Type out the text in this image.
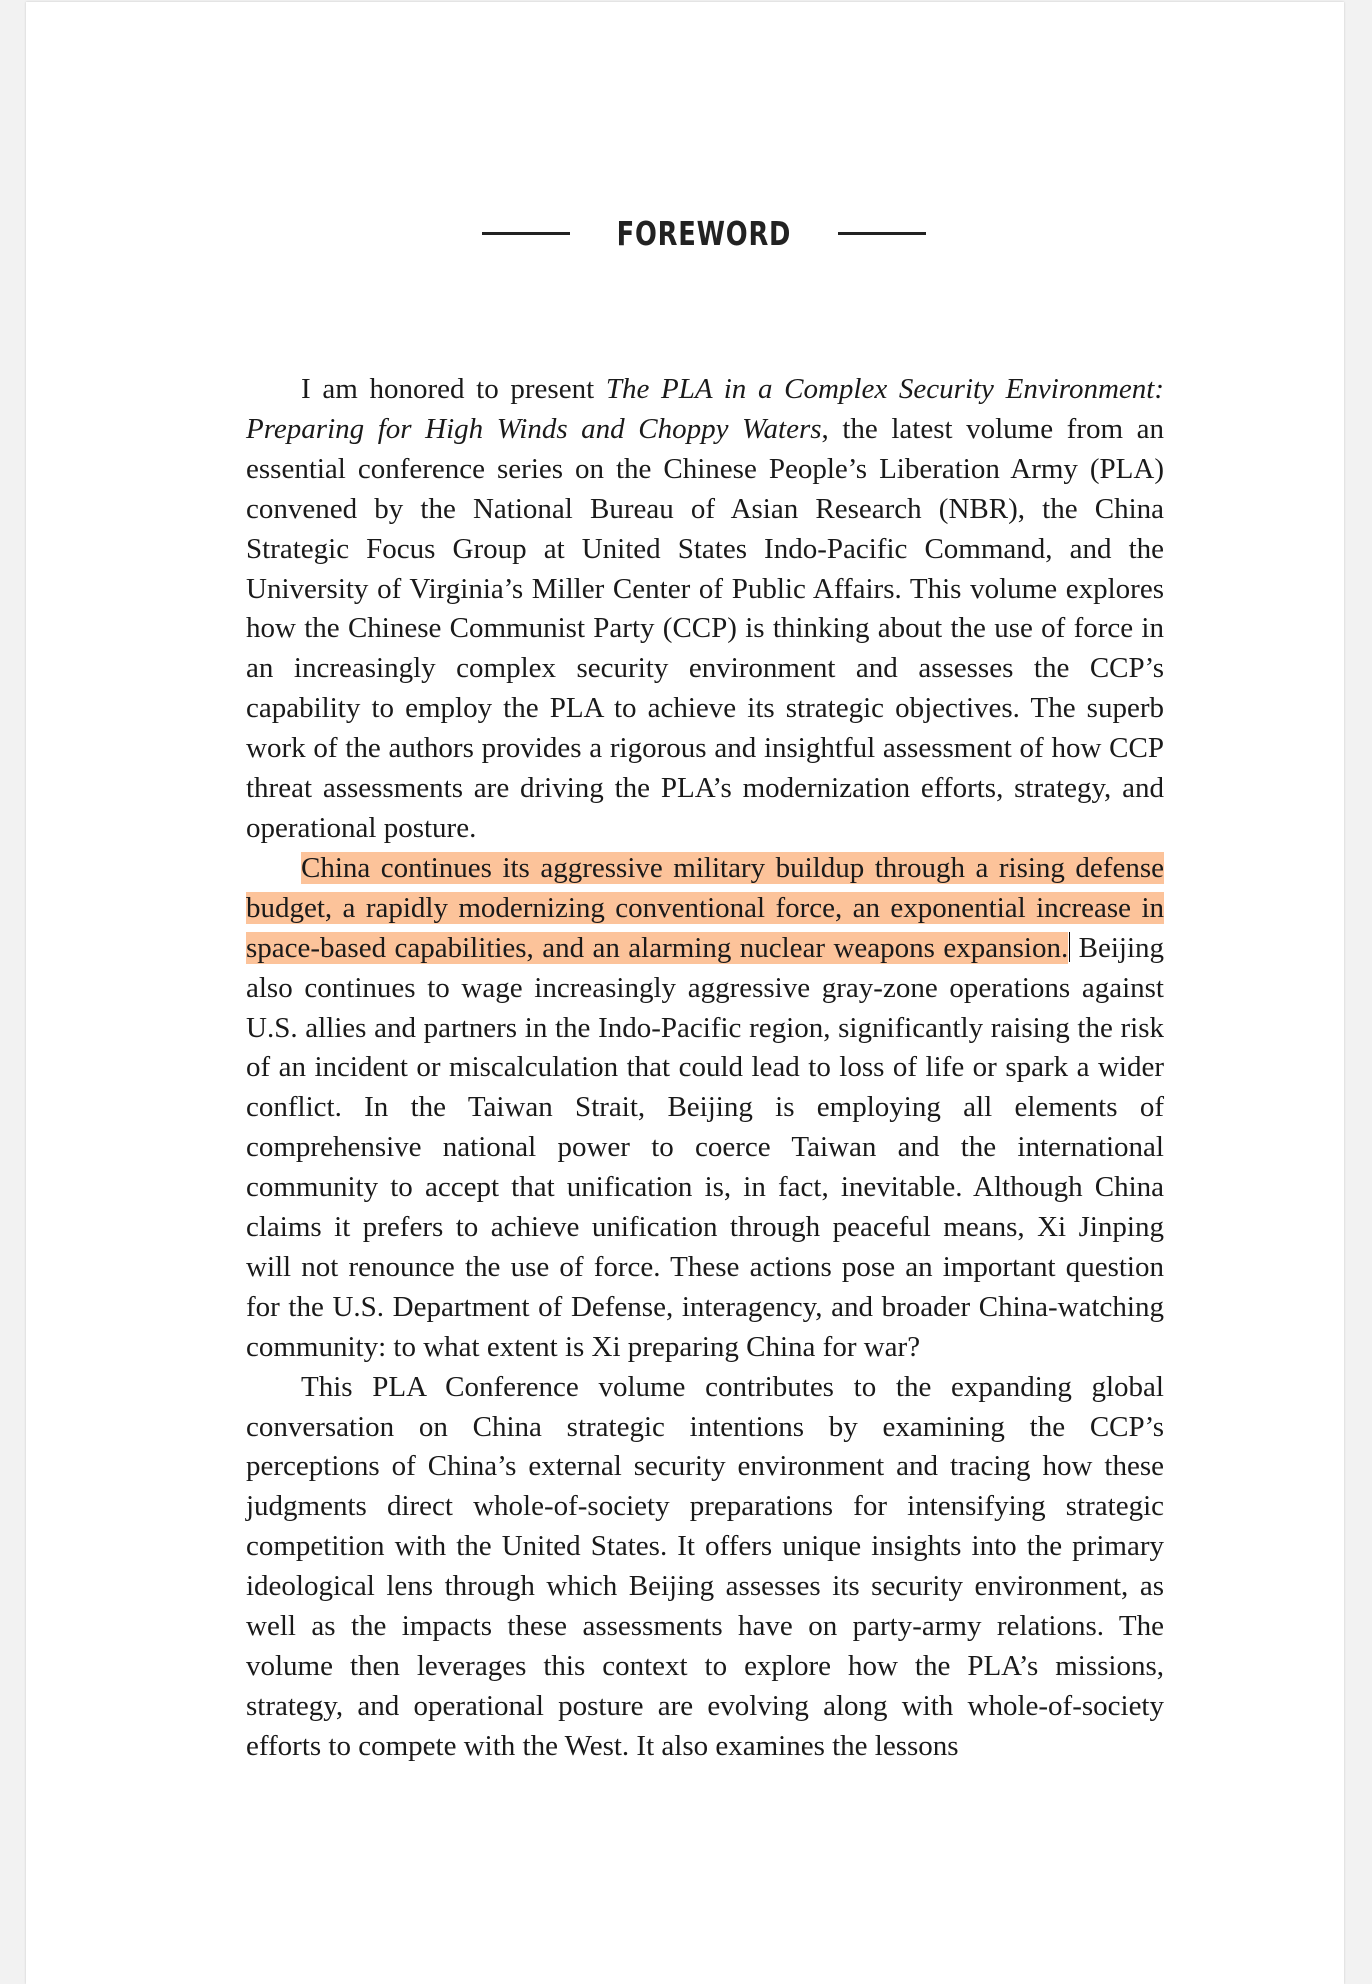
FOREWORD

I am honored to present The PLA in a Complex Security Environment: Preparing for High Winds and Choppy Waters, the latest volume from an essential conference series on the Chinese People’s Liberation Army (PLA) convened by the National Bureau of Asian Research (NBR), the China Strategic Focus Group at United States Indo-Pacific Command, and the University of Virginia’s Miller Center of Public Affairs. This volume explores how the Chinese Communist Party (CCP) is thinking about the use of force in an increasingly complex security environment and assesses the CCP’s capability to employ the PLA to achieve its strategic objectives. The superb work of the authors provides a rigorous and insightful assessment of how CCP threat assessments are driving the PLA’s modernization efforts, strategy, and operational posture.

China continues its aggressive military buildup through a rising defense budget, a rapidly modernizing conventional force, an exponential increase in space-based capabilities, and an alarming nuclear weapons expansion. Beijing also continues to wage increasingly aggressive gray-zone operations against U.S. allies and partners in the Indo-Pacific region, significantly raising the risk of an incident or miscalculation that could lead to loss of life or spark a wider conflict. In the Taiwan Strait, Beijing is employing all elements of comprehensive national power to coerce Taiwan and the international community to accept that unification is, in fact, inevitable. Although China claims it prefers to achieve unification through peaceful means, Xi Jinping will not renounce the use of force. These actions pose an important question for the U.S. Department of Defense, interagency, and broader China-watching community: to what extent is Xi preparing China for war?

This PLA Conference volume contributes to the expanding global conversation on China strategic intentions by examining the CCP’s perceptions of China’s external security environment and tracing how these judgments direct whole-of-society preparations for intensifying strategic competition with the United States. It offers unique insights into the primary ideological lens through which Beijing assesses its security environment, as well as the impacts these assessments have on party-army relations. The volume then leverages this context to explore how the PLA’s missions, strategy, and operational posture are evolving along with whole-of-society efforts to compete with the West. It also examines the lessons
